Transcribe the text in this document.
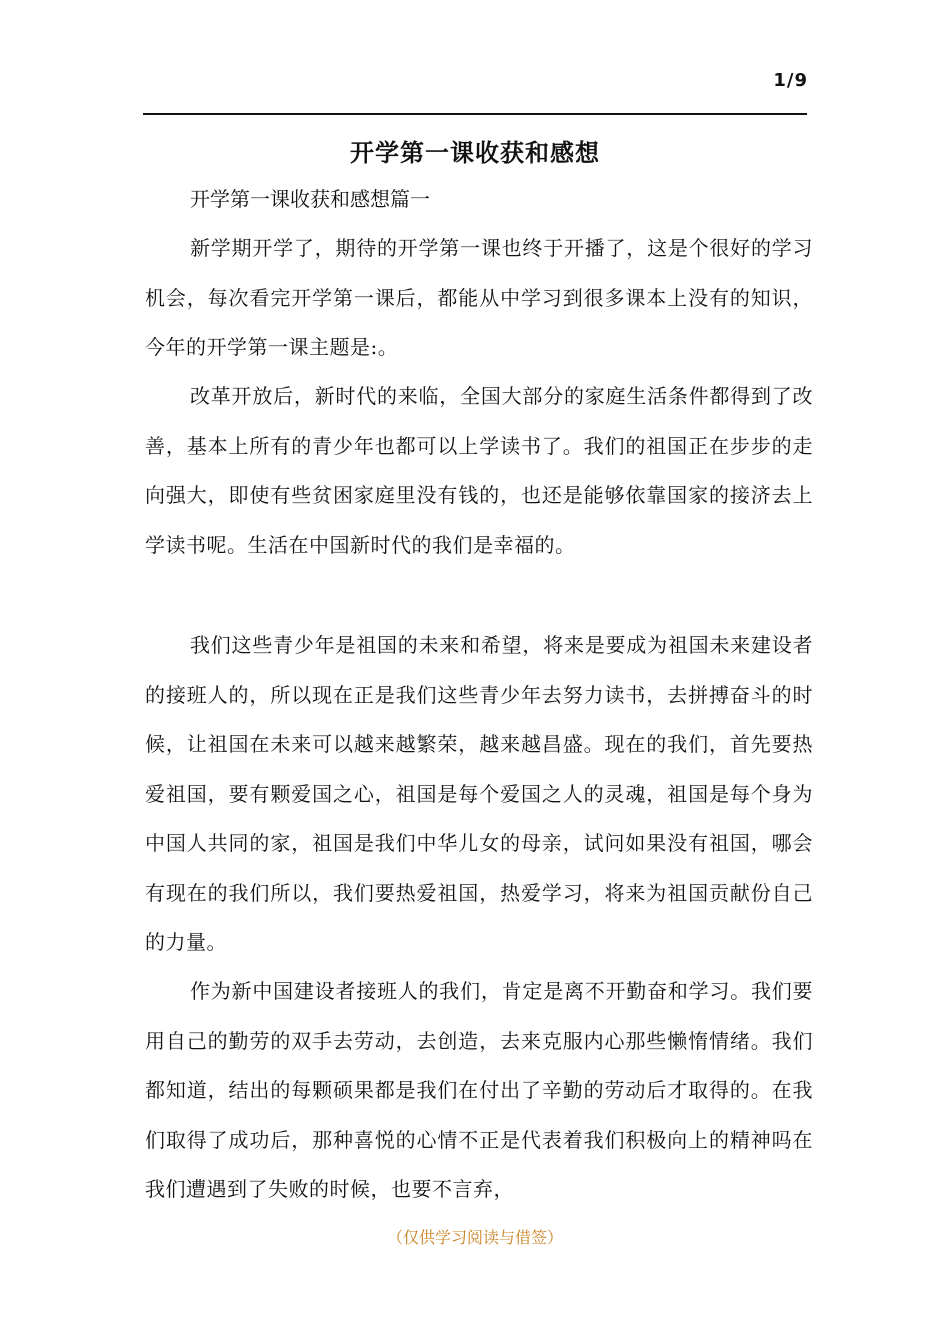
1/9
开学第一课收获和感想
开学第一课收获和感想篇一

新学期开学了，期待的开学第一课也终于开播了，这是个很好的学习机会，每次看完开学第一课后，都能从中学习到很多课本上没有的知识，今年的开学第一课主题是:。

改革开放后，新时代的来临，全国大部分的家庭生活条件都得到了改善，基本上所有的青少年也都可以上学读书了。我们的祖国正在步步的走向强大，即使有些贫困家庭里没有钱的，也还是能够依靠国家的接济去上学读书呢。生活在中国新时代的我们是幸福的。

我们这些青少年是祖国的未来和希望，将来是要成为祖国未来建设者的接班人的，所以现在正是我们这些青少年去努力读书，去拼搏奋斗的时候，让祖国在未来可以越来越繁荣，越来越昌盛。现在的我们，首先要热爱祖国，要有颗爱国之心，祖国是每个爱国之人的灵魂，祖国是每个身为中国人共同的家，祖国是我们中华儿女的母亲，试问如果没有祖国，哪会有现在的我们所以，我们要热爱祖国，热爱学习，将来为祖国贡献份自己的力量。

作为新中国建设者接班人的我们，肯定是离不开勤奋和学习。我们要用自己的勤劳的双手去劳动，去创造，去来克服内心那些懒惰情绪。我们都知道，结出的每颗硕果都是我们在付出了辛勤的劳动后才取得的。在我们取得了成功后，那种喜悦的心情不正是代表着我们积极向上的精神吗在我们遭遇到了失败的时候，也要不言弃，

（仅供学习阅读与借签）
